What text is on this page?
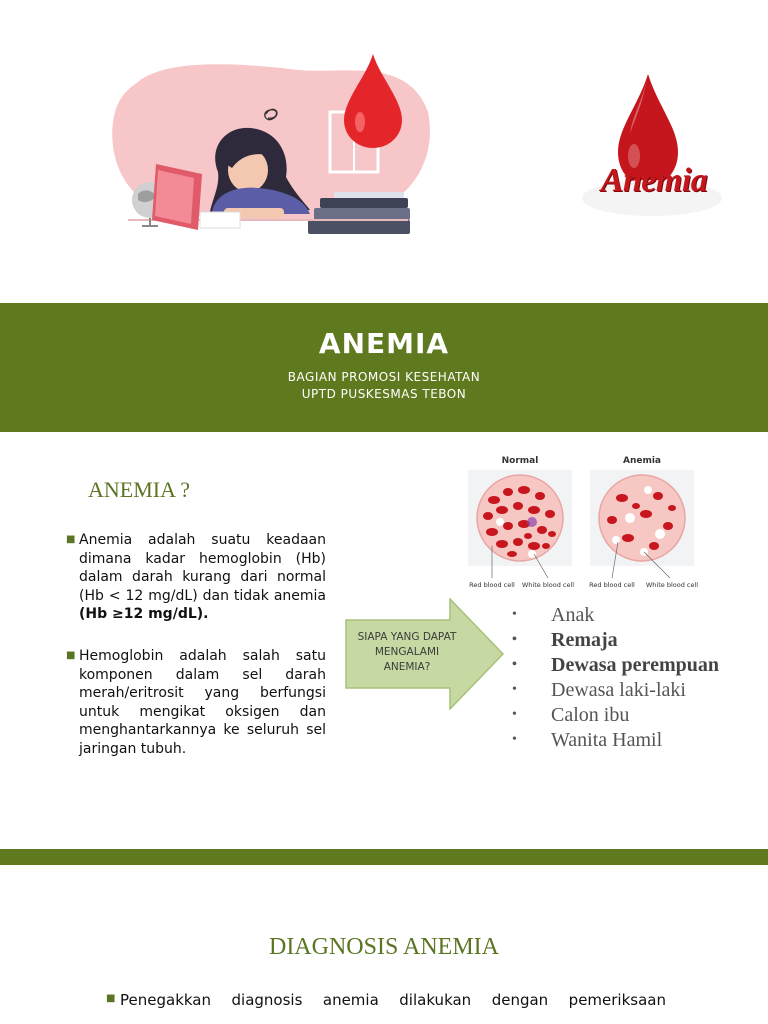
Anemia
ANEMIA
BAGIAN PROMOSI KESEHATAN
UPTD PUSKESMAS TEBON
ANEMIA ?
■ Anemia adalah suatu keadaan dimana kadar hemoglobin (Hb) dalam darah kurang dari normal (Hb < 12 mg/dL) dan tidak anemia (Hb ≥12 mg/dL).
■ Hemoglobin adalah salah satu komponen dalam sel darah merah/eritrosit yang berfungsi untuk mengikat oksigen dan menghantarkannya ke seluruh sel jaringan tubuh.
Normal	Anemia
Red blood cell White blood cell Red blood cell White blood cell
SIAPA YANG DAPAT
MENGALAMI
ANEMIA?
• Anak
• Remaja
• Dewasa perempuan
• Dewasa laki-laki
• Calon ibu
• Wanita Hamil
DIAGNOSIS ANEMIA
■ Penegakkan diagnosis anemia dilakukan dengan pemeriksaan
